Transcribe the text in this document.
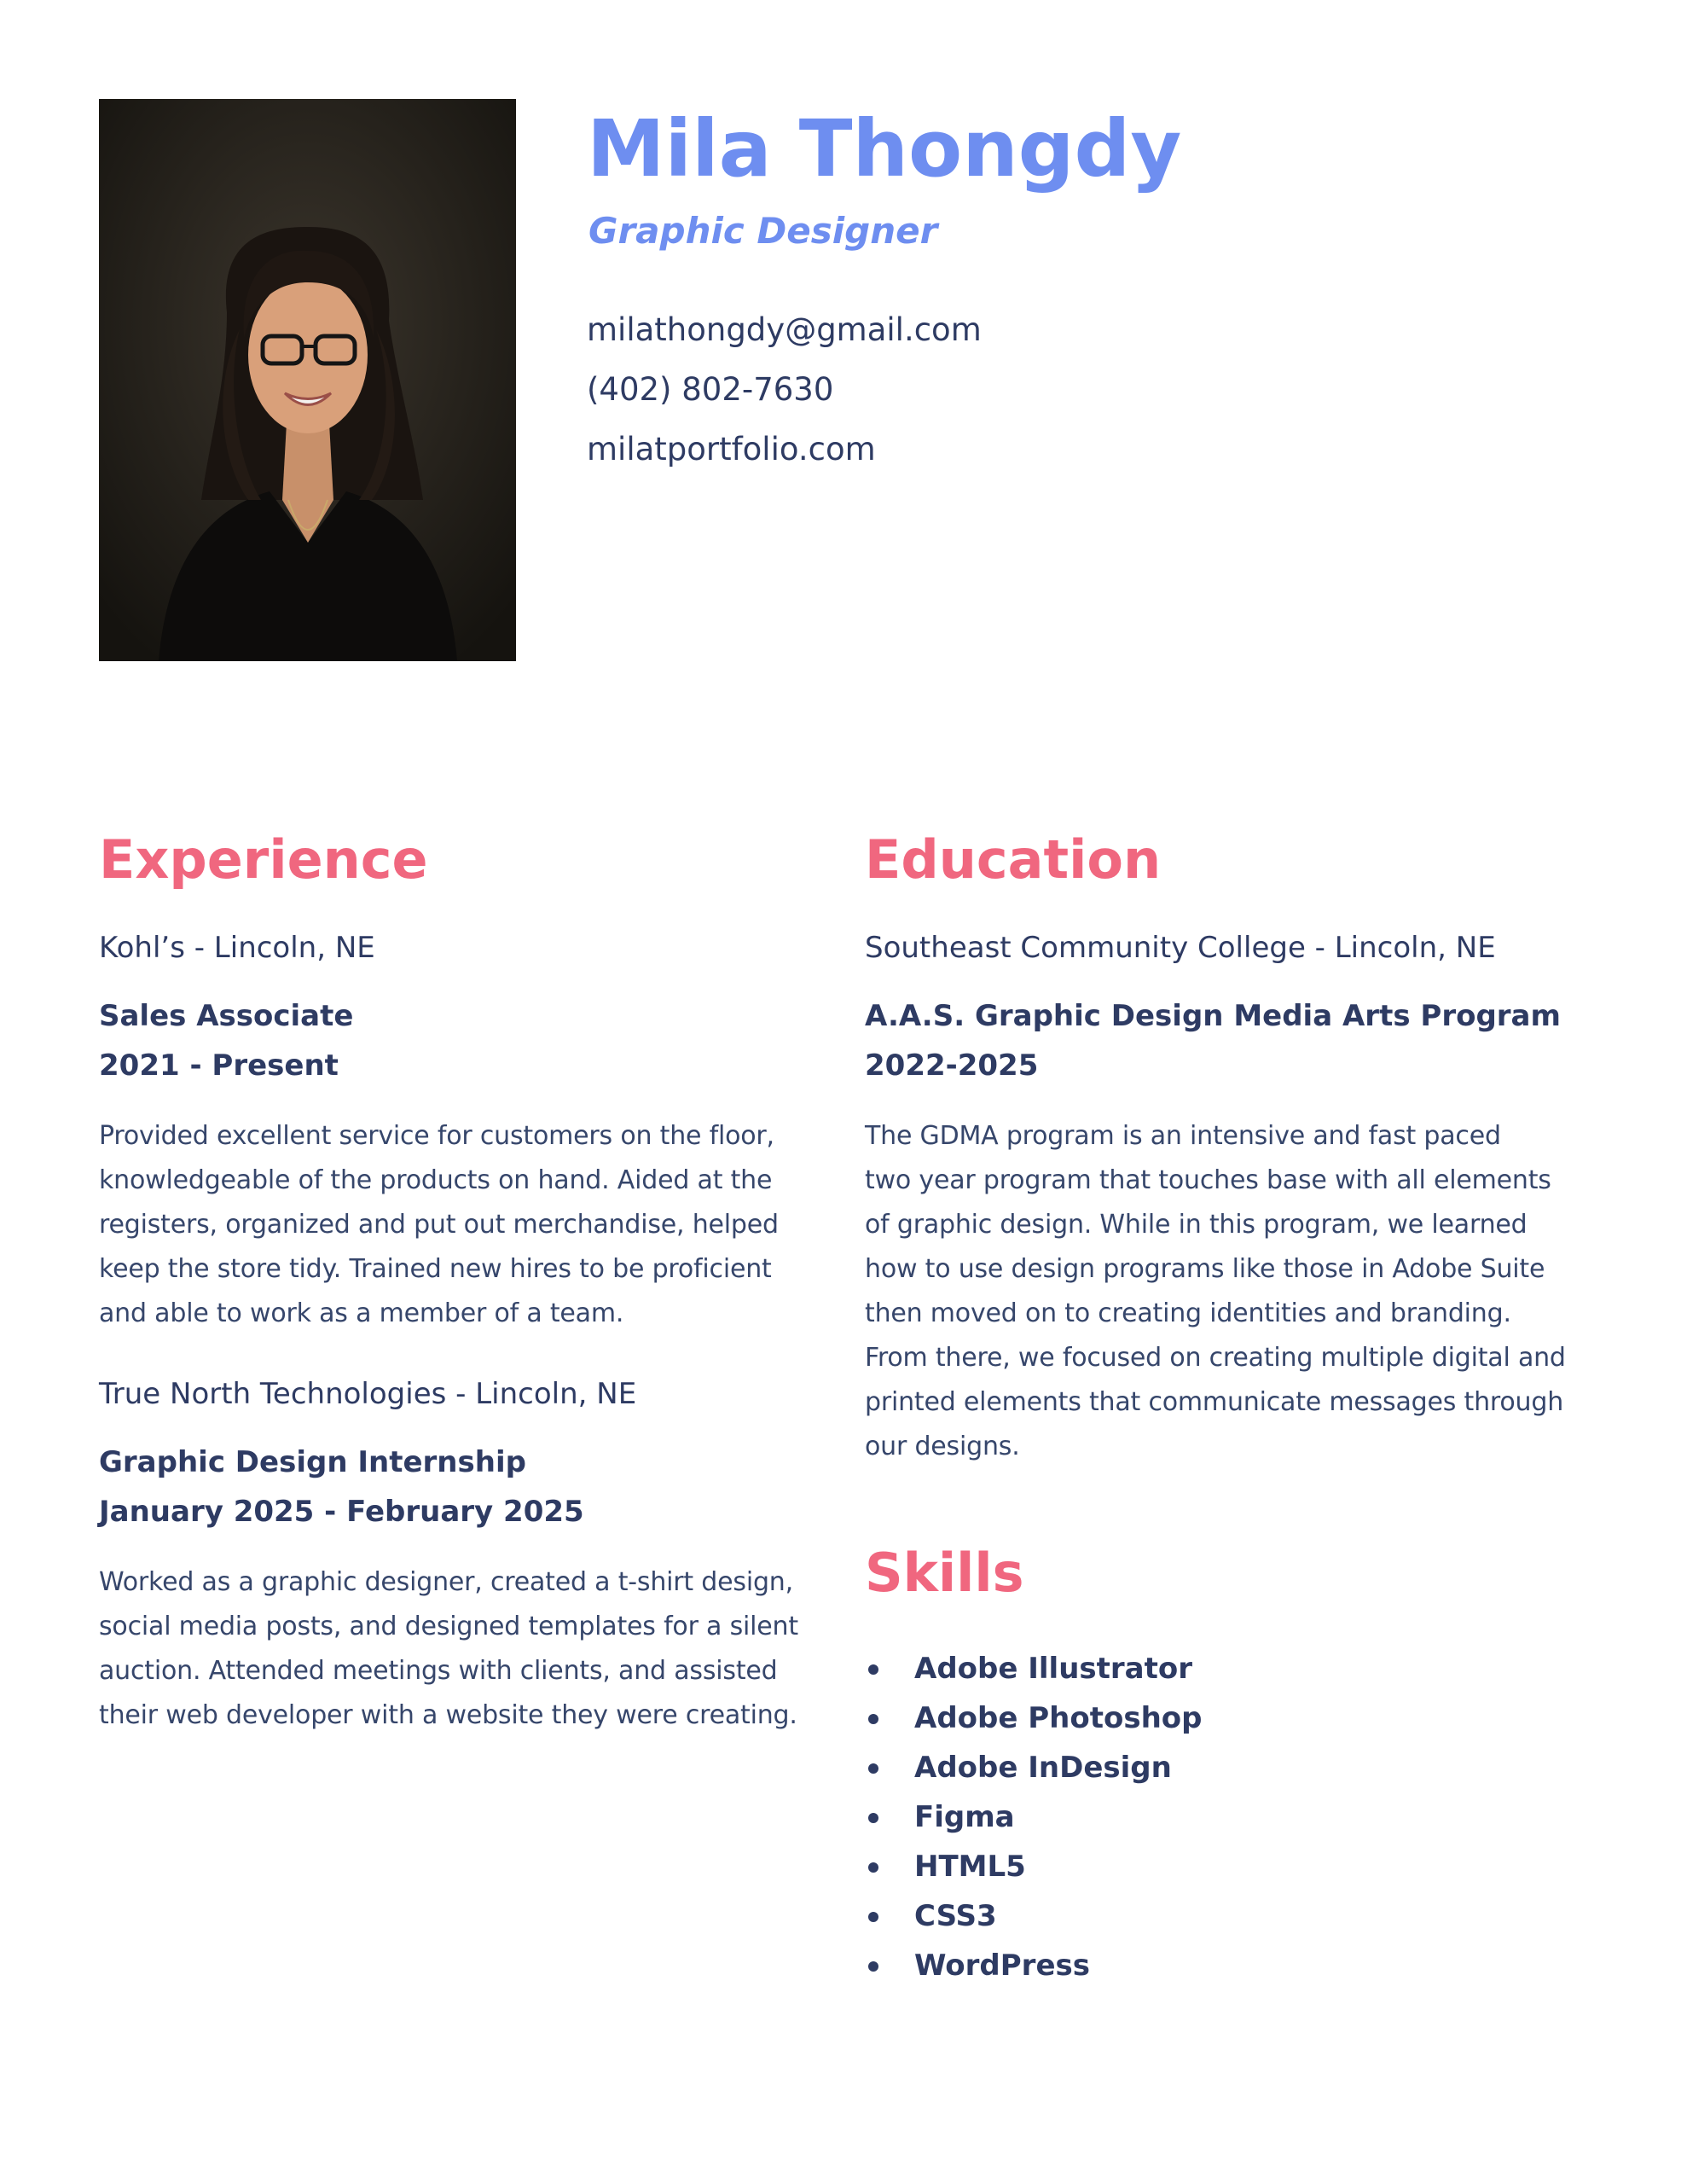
Mila Thongdy
Graphic Designer
milathongdy@gmail.com
(402) 802-7630
milatportfolio.com
Experience

Kohl’s - Lincoln, NE

Sales Associate

2021 - Present

Provided excellent service for customers on the floor,
knowledgeable of the products on hand. Aided at the
registers, organized and put out merchandise, helped
keep the store tidy. Trained new hires to be proficient
and able to work as a member of a team.

True North Technologies - Lincoln, NE

Graphic Design Internship

January 2025 - February 2025

Worked as a graphic designer, created a t-shirt design,
social media posts, and designed templates for a silent
auction. Attended meetings with clients, and assisted
their web developer with a website they were creating.

Education

Southeast Community College - Lincoln, NE

A.A.S. Graphic Design Media Arts Program

2022-2025

The GDMA program is an intensive and fast paced
two year program that touches base with all elements
of graphic design. While in this program, we learned
how to use design programs like those in Adobe Suite
then moved on to creating identities and branding.
From there, we focused on creating multiple digital and
printed elements that communicate messages through
our designs.

Skills
Adobe Illustrator
Adobe Photoshop
Adobe InDesign
Figma
HTML5
CSS3
WordPress
